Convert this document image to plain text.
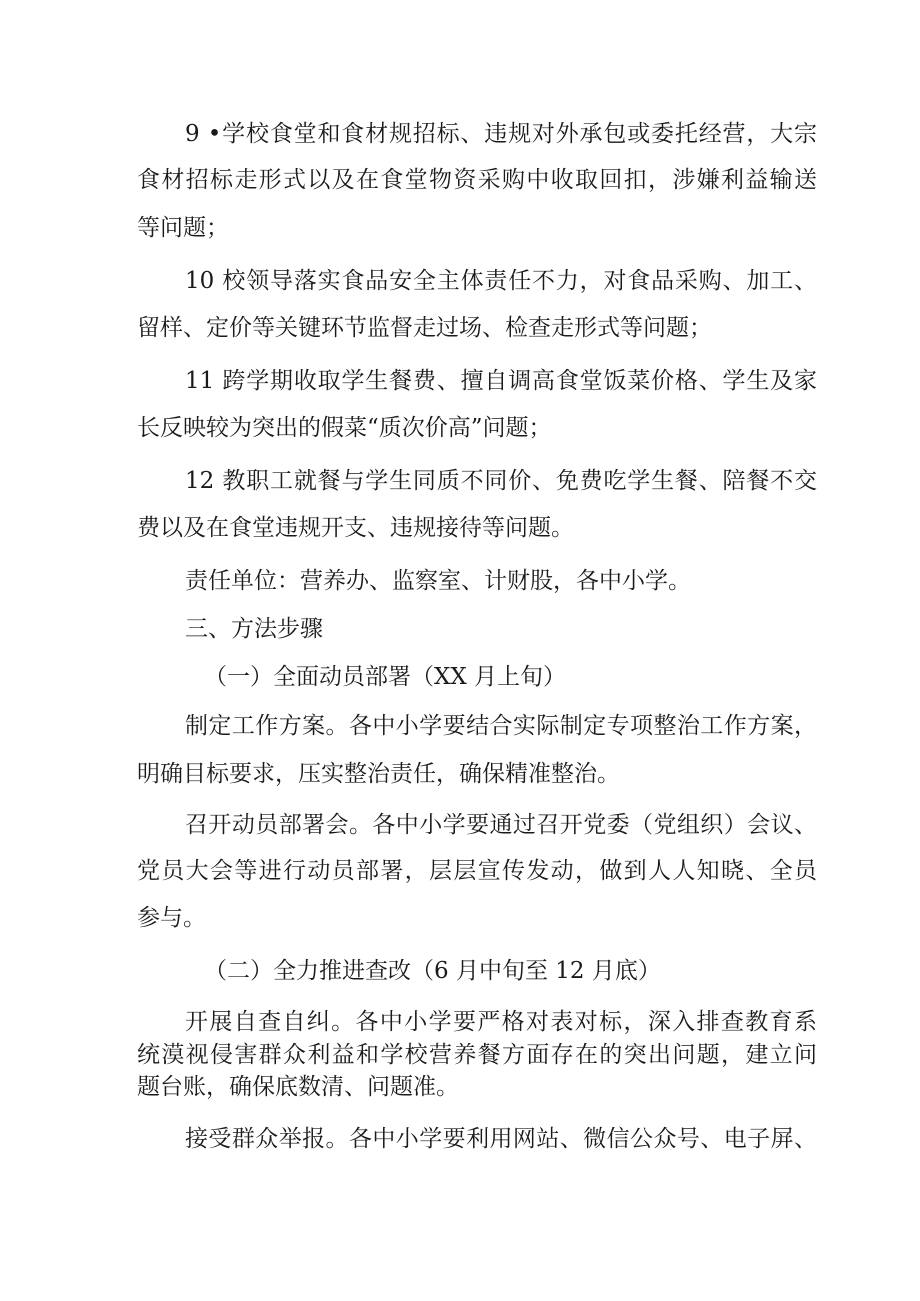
9 •学校食堂和食材规招标、违规对外承包或委托经营，大宗
食材招标走形式以及在食堂物资采购中收取回扣，涉嫌利益输送
等问题；
10 校领导落实食品安全主体责任不力，对食品采购、加工、
留样、定价等关键环节监督走过场、检查走形式等问题；
11 跨学期收取学生餐费、擅自调高食堂饭菜价格、学生及家
长反映较为突出的假菜“质次价高”问题；
12 教职工就餐与学生同质不同价、免费吃学生餐、陪餐不交
费以及在食堂违规开支、违规接待等问题。
责任单位：营养办、监察室、计财股，各中小学。
三、方法步骤
（一）全面动员部署（XX 月上旬）
制定工作方案。各中小学要结合实际制定专项整治工作方案，
明确目标要求，压实整治责任，确保精准整治。
召开动员部署会。各中小学要通过召开党委（党组织）会议、
党员大会等进行动员部署，层层宣传发动，做到人人知晓、全员
参与。
（二）全力推进查改（6 月中旬至 12 月底）
开展自查自纠。各中小学要严格对表对标，深入排查教育系
统漠视侵害群众利益和学校营养餐方面存在的突出问题，建立问
题台账，确保底数清、问题准。
接受群众举报。各中小学要利用网站、微信公众号、电子屏、
